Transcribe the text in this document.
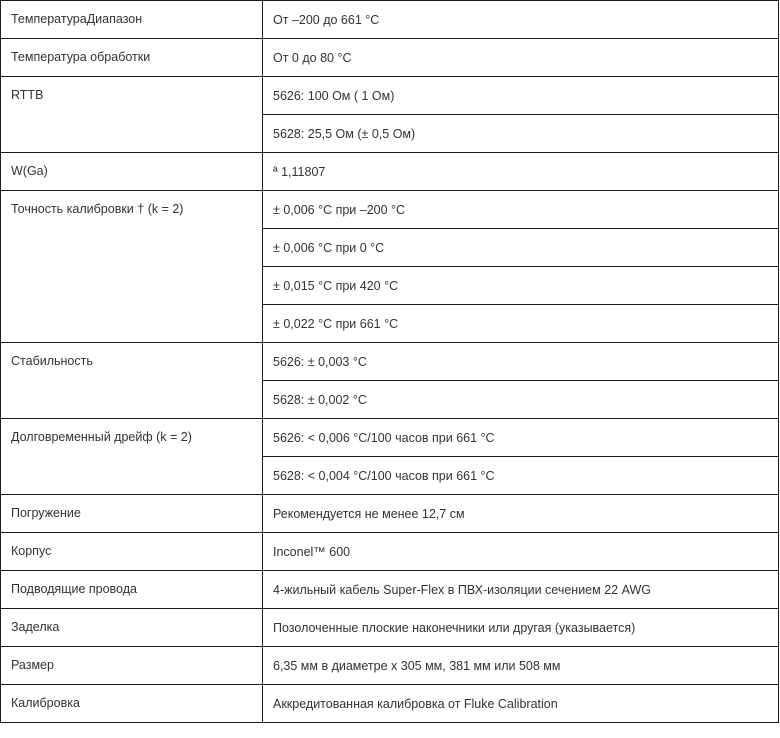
ТемператураДиапазон	От –200 до 661 °C
Температура обработки	От 0 до 80 °C
RTTB	5626: 100 Ом ( 1 Ом)
	5628: 25,5 Ом (± 0,5 Ом)
W(Ga)	ª 1,11807
Точность калибровки † (k = 2)	± 0,006 °C при –200 °C
	± 0,006 °C при 0 °C
	± 0,015 °C при 420 °C
	± 0,022 °C при 661 °C
Стабильность	5626: ± 0,003 °C
	5628: ± 0,002 °C
Долговременный дрейф (k = 2)	5626: < 0,006 °C/100 часов при 661 °C
	5628: < 0,004 °C/100 часов при 661 °C
Погружение	Рекомендуется не менее 12,7 см
Корпус	Inconel™ 600
Подводящие провода	4-жильный кабель Super-Flex в ПВХ-изоляции сечением 22 AWG
Заделка	Позолоченные плоские наконечники или другая (указывается)
Размер	6,35 мм в диаметре x 305 мм, 381 мм или 508 мм
Калибровка	Аккредитованная калибровка от Fluke Calibration
